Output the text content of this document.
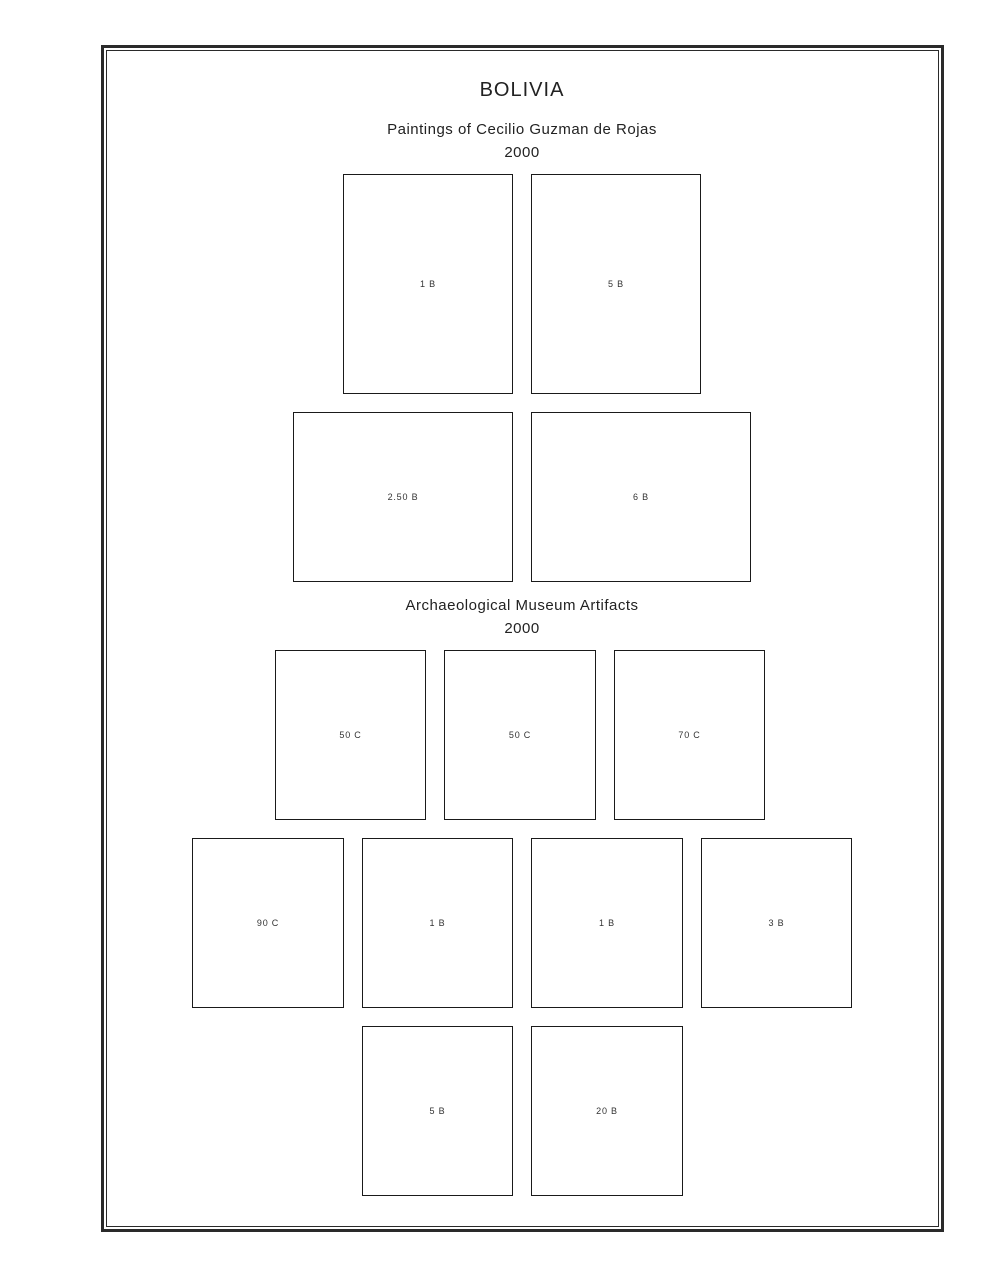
BOLIVIA
Paintings of Cecilio Guzman de Rojas
2000
1 B	5 B
2.50 B	6 B
Archaeological Museum Artifacts
2000
50 C	50 C	70 C
90 C	1 B	1 B	3 B
5 B	20 B
